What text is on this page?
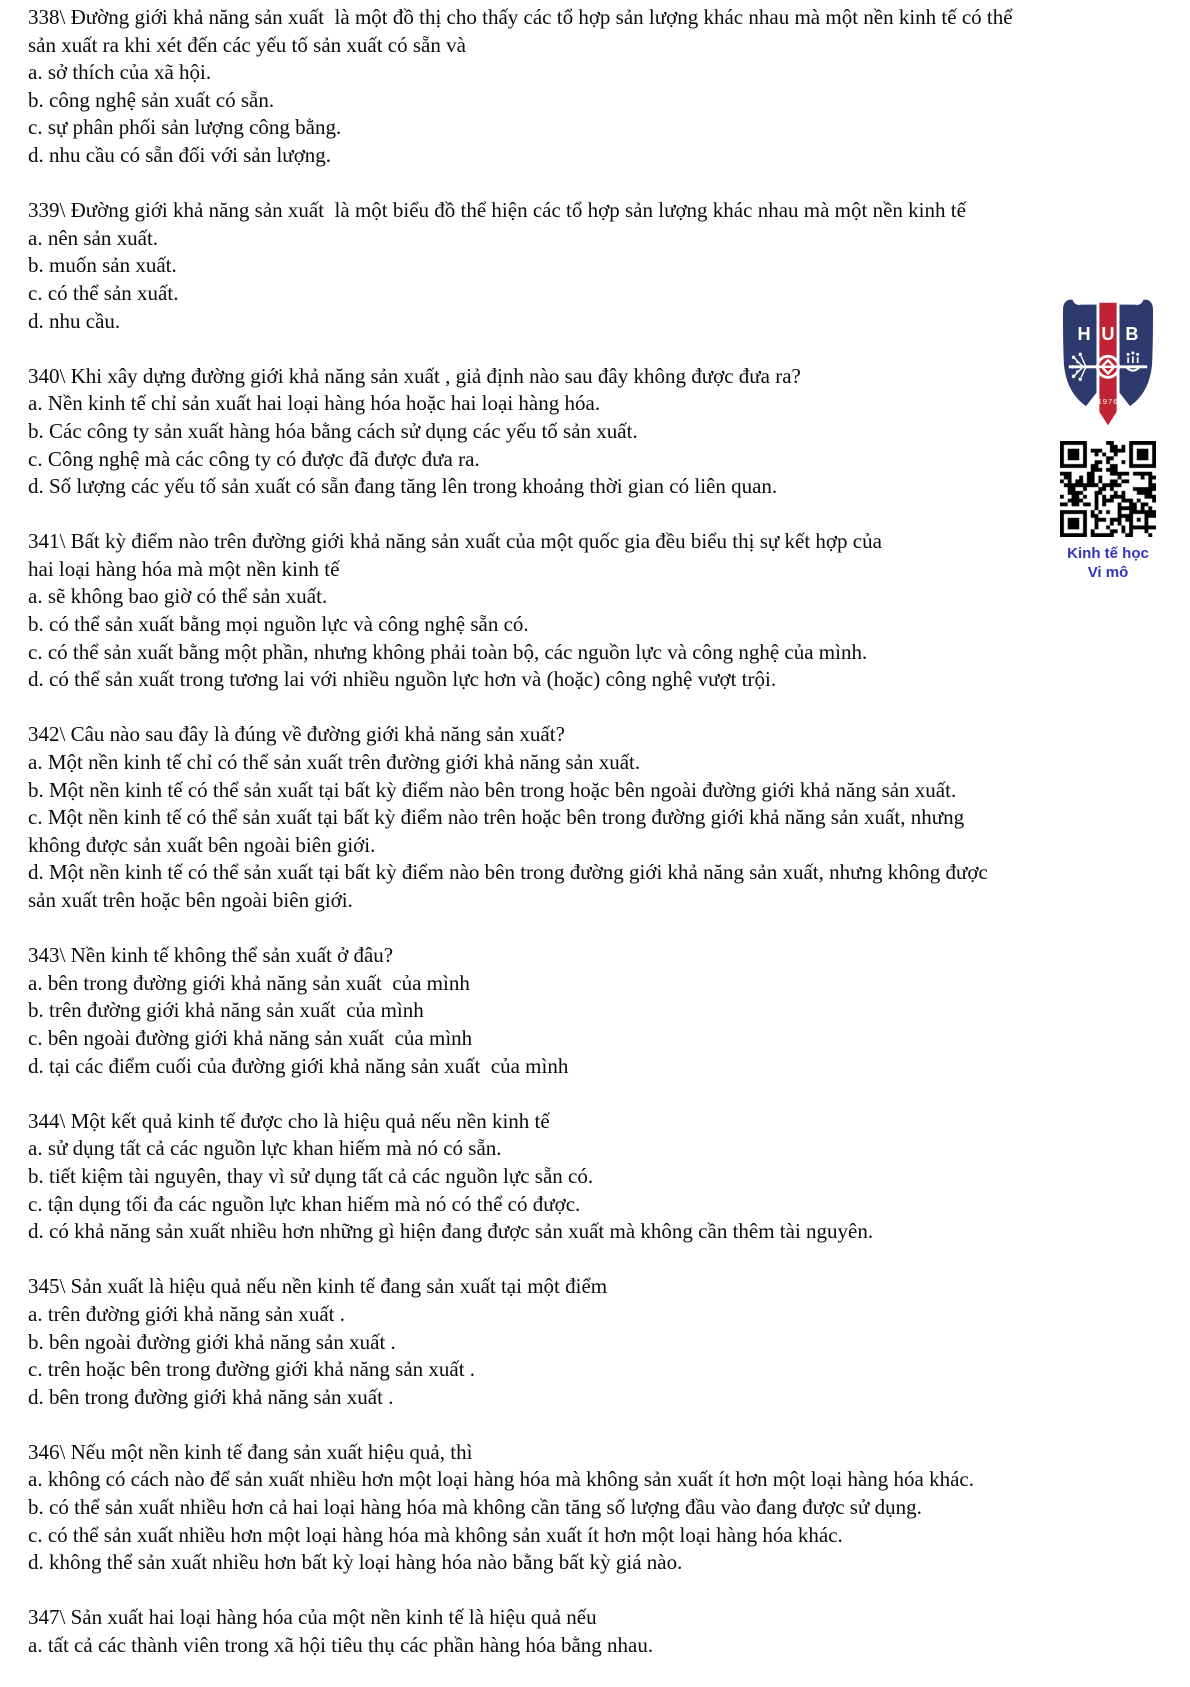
338\ Đường giới khả năng sản xuất  là một đồ thị cho thấy các tổ hợp sản lượng khác nhau mà một nền kinh tế có thể
sản xuất ra khi xét đến các yếu tố sản xuất có sẵn và
a. sở thích của xã hội.
b. công nghệ sản xuất có sẵn.
c. sự phân phối sản lượng công bằng.
d. nhu cầu có sẵn đối với sản lượng.
339\ Đường giới khả năng sản xuất  là một biểu đồ thể hiện các tổ hợp sản lượng khác nhau mà một nền kinh tế
a. nên sản xuất.
b. muốn sản xuất.
c. có thể sản xuất.
d. nhu cầu.
340\ Khi xây dựng đường giới khả năng sản xuất , giả định nào sau đây không được đưa ra?
a. Nền kinh tế chỉ sản xuất hai loại hàng hóa hoặc hai loại hàng hóa.
b. Các công ty sản xuất hàng hóa bằng cách sử dụng các yếu tố sản xuất.
c. Công nghệ mà các công ty có được đã được đưa ra.
d. Số lượng các yếu tố sản xuất có sẵn đang tăng lên trong khoảng thời gian có liên quan.
341\ Bất kỳ điểm nào trên đường giới khả năng sản xuất của một quốc gia đều biểu thị sự kết hợp của
hai loại hàng hóa mà một nền kinh tế
a. sẽ không bao giờ có thể sản xuất.
b. có thể sản xuất bằng mọi nguồn lực và công nghệ sẵn có.
c. có thể sản xuất bằng một phần, nhưng không phải toàn bộ, các nguồn lực và công nghệ của mình.
d. có thể sản xuất trong tương lai với nhiều nguồn lực hơn và (hoặc) công nghệ vượt trội.
342\ Câu nào sau đây là đúng về đường giới khả năng sản xuất?
a. Một nền kinh tế chỉ có thể sản xuất trên đường giới khả năng sản xuất.
b. Một nền kinh tế có thể sản xuất tại bất kỳ điểm nào bên trong hoặc bên ngoài đường giới khả năng sản xuất.
c. Một nền kinh tế có thể sản xuất tại bất kỳ điểm nào trên hoặc bên trong đường giới khả năng sản xuất, nhưng
không được sản xuất bên ngoài biên giới.
d. Một nền kinh tế có thể sản xuất tại bất kỳ điểm nào bên trong đường giới khả năng sản xuất, nhưng không được
sản xuất trên hoặc bên ngoài biên giới.
343\ Nền kinh tế không thể sản xuất ở đâu?
a. bên trong đường giới khả năng sản xuất  của mình
b. trên đường giới khả năng sản xuất  của mình
c. bên ngoài đường giới khả năng sản xuất  của mình
d. tại các điểm cuối của đường giới khả năng sản xuất  của mình
344\ Một kết quả kinh tế được cho là hiệu quả nếu nền kinh tế
a. sử dụng tất cả các nguồn lực khan hiếm mà nó có sẵn.
b. tiết kiệm tài nguyên, thay vì sử dụng tất cả các nguồn lực sẵn có.
c. tận dụng tối đa các nguồn lực khan hiếm mà nó có thể có được.
d. có khả năng sản xuất nhiều hơn những gì hiện đang được sản xuất mà không cần thêm tài nguyên.
345\ Sản xuất là hiệu quả nếu nền kinh tế đang sản xuất tại một điểm
a. trên đường giới khả năng sản xuất .
b. bên ngoài đường giới khả năng sản xuất .
c. trên hoặc bên trong đường giới khả năng sản xuất .
d. bên trong đường giới khả năng sản xuất .
346\ Nếu một nền kinh tế đang sản xuất hiệu quả, thì
a. không có cách nào để sản xuất nhiều hơn một loại hàng hóa mà không sản xuất ít hơn một loại hàng hóa khác.
b. có thể sản xuất nhiều hơn cả hai loại hàng hóa mà không cần tăng số lượng đầu vào đang được sử dụng.
c. có thể sản xuất nhiều hơn một loại hàng hóa mà không sản xuất ít hơn một loại hàng hóa khác.
d. không thể sản xuất nhiều hơn bất kỳ loại hàng hóa nào bằng bất kỳ giá nào.
347\ Sản xuất hai loại hàng hóa của một nền kinh tế là hiệu quả nếu
a. tất cả các thành viên trong xã hội tiêu thụ các phần hàng hóa bằng nhau.
H U B
1976
Kinh tế học
Vi mô
